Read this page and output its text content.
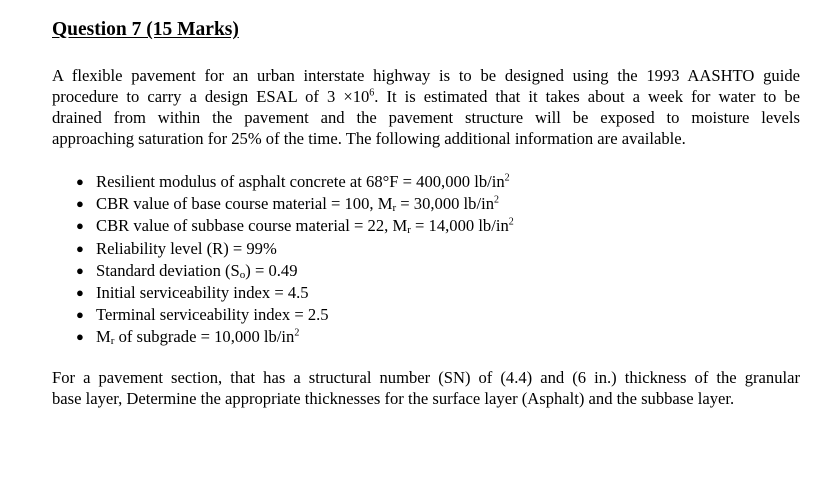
Question 7 (15 Marks)
A flexible pavement for an urban interstate highway is to be designed using the 1993 AASHTO guide
procedure to carry a design ESAL of $3 \times 10^6$. It is estimated that it takes about a week for water to be
drained from within the pavement and the pavement structure will be exposed to moisture levels
approaching saturation for 25% of the time. The following additional information are available.
● Resilient modulus of asphalt concrete at 68°F = 400,000 $lb/in^2$
● CBR value of base course material = 100, $M_r = 30,000$ $lb/in^2$
● CBR value of subbase course material = 22, $M_r = 14,000$ $lb/in^2$
● Reliability level (R) = 99%
● Standard deviation $(S_o) = 0.49$
● Initial serviceability index = 4.5
● Terminal serviceability index = 2.5
● $M_r$ of subgrade = 10,000 $lb/in^2$
For a pavement section, that has a structural number (SN) of (4.4) and (6 in.) thickness of the granular
base layer, Determine the appropriate thicknesses for the surface layer (Asphalt) and the subbase layer.
